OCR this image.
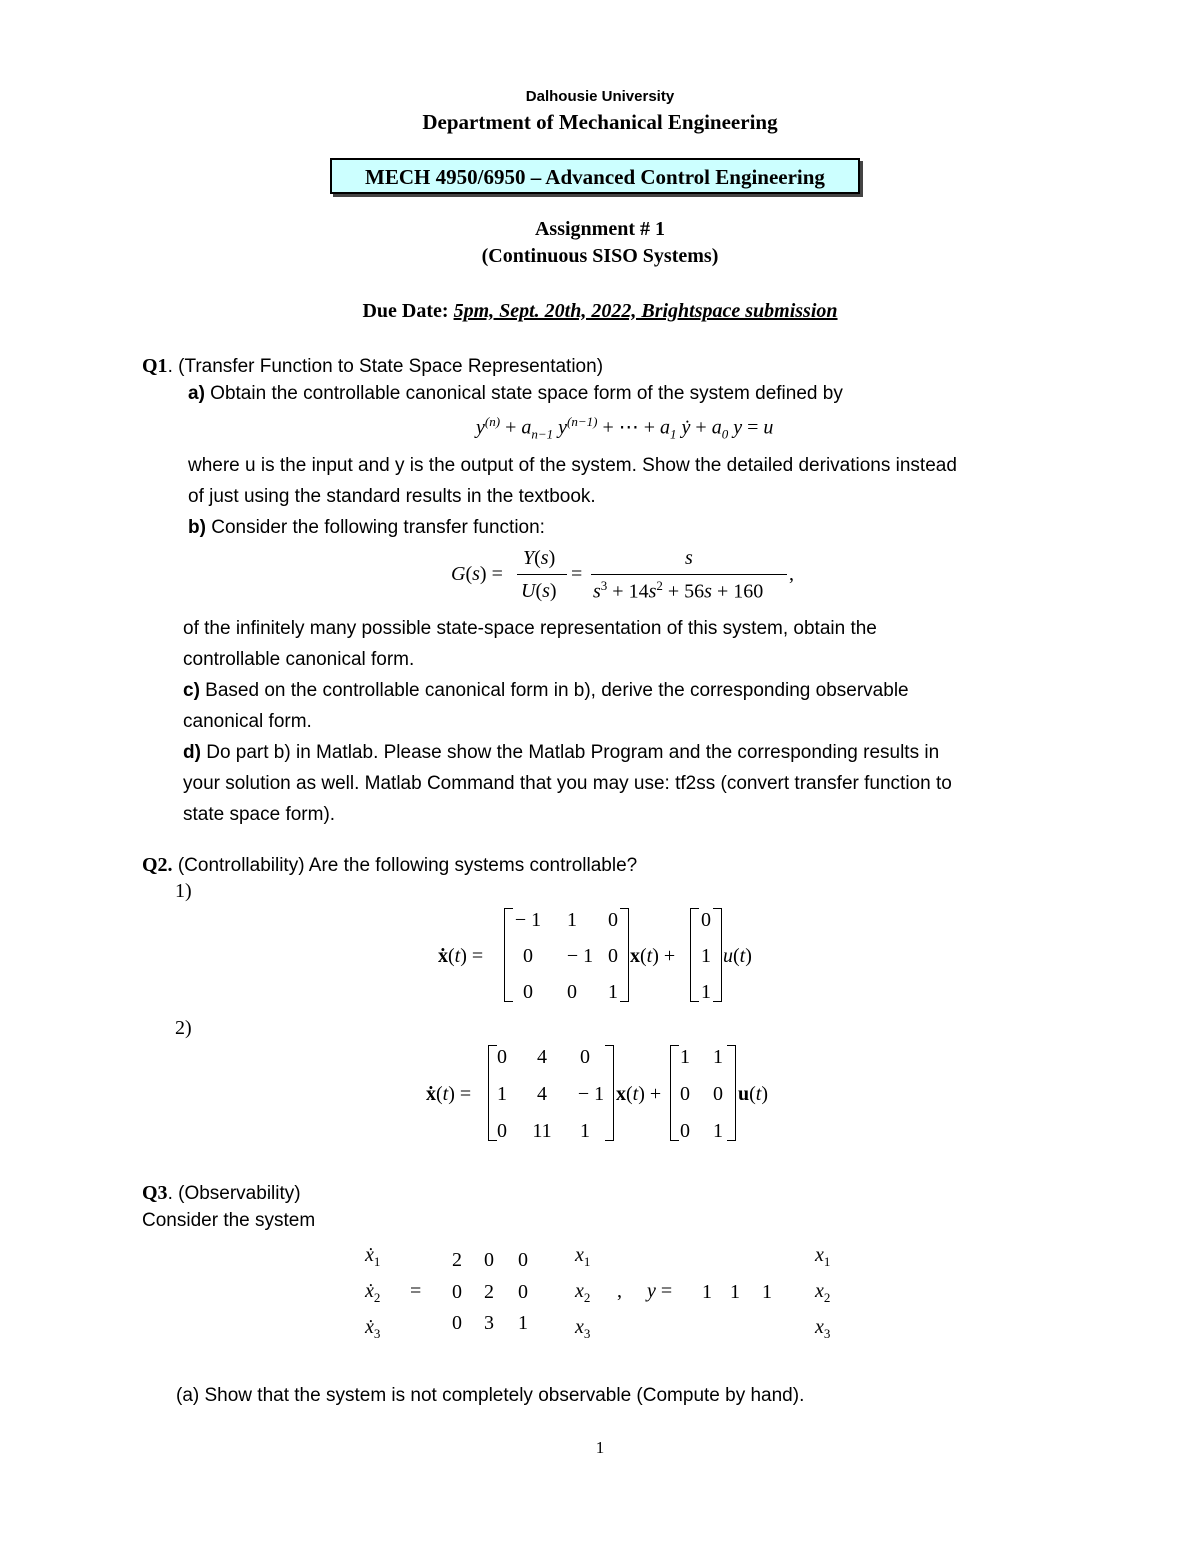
Dalhousie University
Department of Mechanical Engineering
MECH 4950/6950 – Advanced Control Engineering
Assignment # 1
(Continuous SISO Systems)
Due Date: 5pm, Sept. 20th, 2022, Brightspace submission
Q1. (Transfer Function to State Space Representation)
a) Obtain the controllable canonical state space form of the system defined by
$y^{(n)} + a_{n-1}$ $y^{(n-1)}$ + ⋯ + $a_1$ ẏ + $a_0$ y = u
where u is the input and y is the output of the system. Show the detailed derivations instead
of just using the standard results in the textbook.
b) Consider the following transfer function:
G(s) =
Y(s)
U(s)
=
s
$s^3 + 14s^2 + 56s + 160$
,
of the infinitely many possible state-space representation of this system, obtain the
controllable canonical form.
c) Based on the controllable canonical form in b), derive the corresponding observable
canonical form.
d) Do part b) in Matlab. Please show the Matlab Program and the corresponding results in
your solution as well. Matlab Command that you may use: tf2ss (convert transfer function to
state space form).
Q2. (Controllability) Are the following systems controllable?
1)
ẋ(t) =
− 1	1	0
0	− 1 0
0	0	1
x(t) +
0
1
1
u(t)
2)
ẋ(t) =
0	4	0
1	4	− 1
0	11	1
x(t) +
1	1
0	0
0	1
u(t)
Q3. (Observability)
Consider the system
ẋ$_1$
ẋ$_2$
ẋ$_3$
=
2	0	0
0	2	0
0	3	1
$x_1$
$x_2$
$x_3$
, y =	1 1	1
$x_1$
$x_2$
$x_3$
(a) Show that the system is not completely observable (Compute by hand).
1
